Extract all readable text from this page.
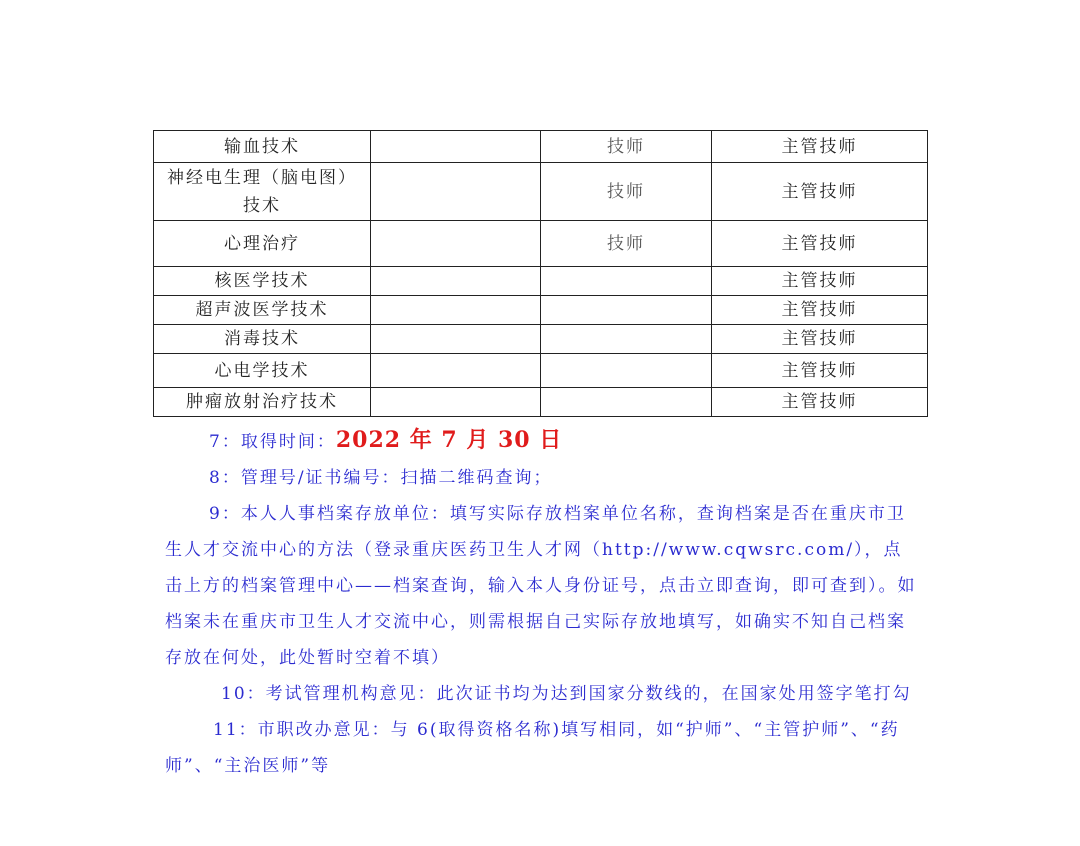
输血技术		技师	主管技师
神经电生理（脑电图）
技术		技师	主管技师
心理治疗		技师	主管技师
核医学技术			主管技师
超声波医学技术			主管技师
消毒技术			主管技师
心电学技术			主管技师
肿瘤放射治疗技术			主管技师

7：取得时间：2022 年 7 月 30 日

8：管理号/证书编号：扫描二维码查询；

9：本人人事档案存放单位：填写实际存放档案单位名称，查询档案是否在重庆市卫生人才交流中心的方法（登录重庆医药卫生人才网（http://www.cqwsrc.com/），点击上方的档案管理中心——档案查询，输入本人身份证号，点击立即查询，即可查到）。如档案未在重庆市卫生人才交流中心，则需根据自己实际存放地填写，如确实不知自己档案存放在何处，此处暂时空着不填）

10：考试管理机构意见：此次证书均为达到国家分数线的，在国家处用签字笔打勾

11：市职改办意见：与 6(取得资格名称)填写相同，如“护师”、“主管护师”、“药师”、“主治医师”等
